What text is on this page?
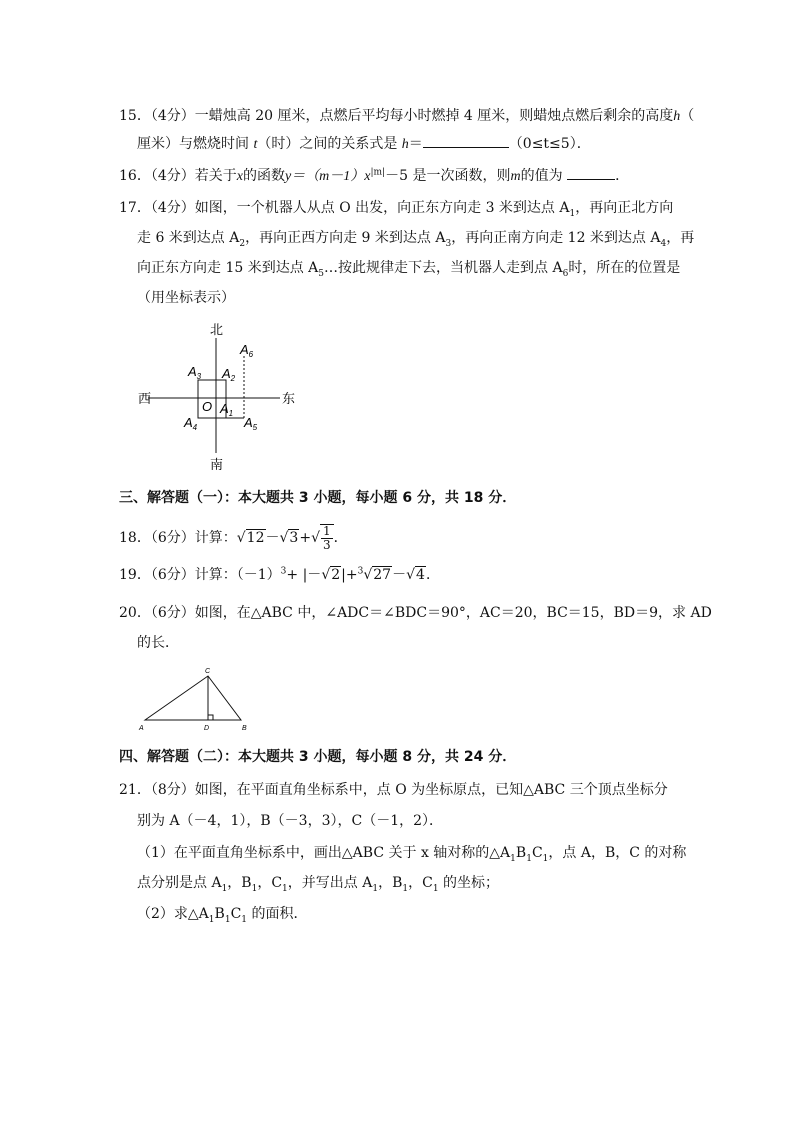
15．（4分）一蜡烛高 20 厘米，点燃后平均每小时燃掉 4 厘米，则蜡烛点燃后剩余的高度h（
厘米）与燃烧时间 t（时）之间的关系式是 h＝	（0≤t≤5）．
16．（4分）若关于x的函数$y=(m-1)x^{|m|}-5$ 是一次函数，则m的值为	．
17．（4分）如图，一个机器人从点 O 出发，向正东方向走 3 米到达点 $A_1$，再向正北方向
走 6 米到达点 $A_2$，再向正西方向走 9 米到达点 $A_3$，再向正南方向走 12 米到达点 $A_4$，再
向正东方向走 15 米到达点 $A_5\dots$按此规律走下去，当机器人走到点 $A_6$时，所在的位置是
（用坐标表示）
北
南
西	东
O $A_1$
$A_2$
$A_3$
$A_4$	$A_5$
$A_6$
三、解答题（一）：本大题共 3 小题，每小题 6 分，共 18 分．
18．（6分）计算：$√12-√3+√ \frac{1}{3}$ ．
19．（6分）计算：$(-1)^3+ |-√2|+^3√27-√4$．
20．（6分）如图，在△ABC 中，∠ADC＝∠BDC＝90°，AC＝20，BC＝15，BD＝9，求 AD
的长．
A	B
C
D
四、解答题（二）：本大题共 3 小题，每小题 8 分，共 24 分．
21．（8分）如图，在平面直角坐标系中，点 O 为坐标原点，已知△ABC 三个顶点坐标分
别为 A（－4，1），B（－3，3），C（－1，2）．
（1）在平面直角坐标系中，画出△ABC 关于 x 轴对称的$\triangle A_1B_1C_1$，点 A，B，C 的对称
点分别是点 $A_1$，$B_1$，$C_1$，并写出点 $A_1$，$B_1$，$C_1$ 的坐标；
（2）求$\triangle A_1B_1C_1$ 的面积．
